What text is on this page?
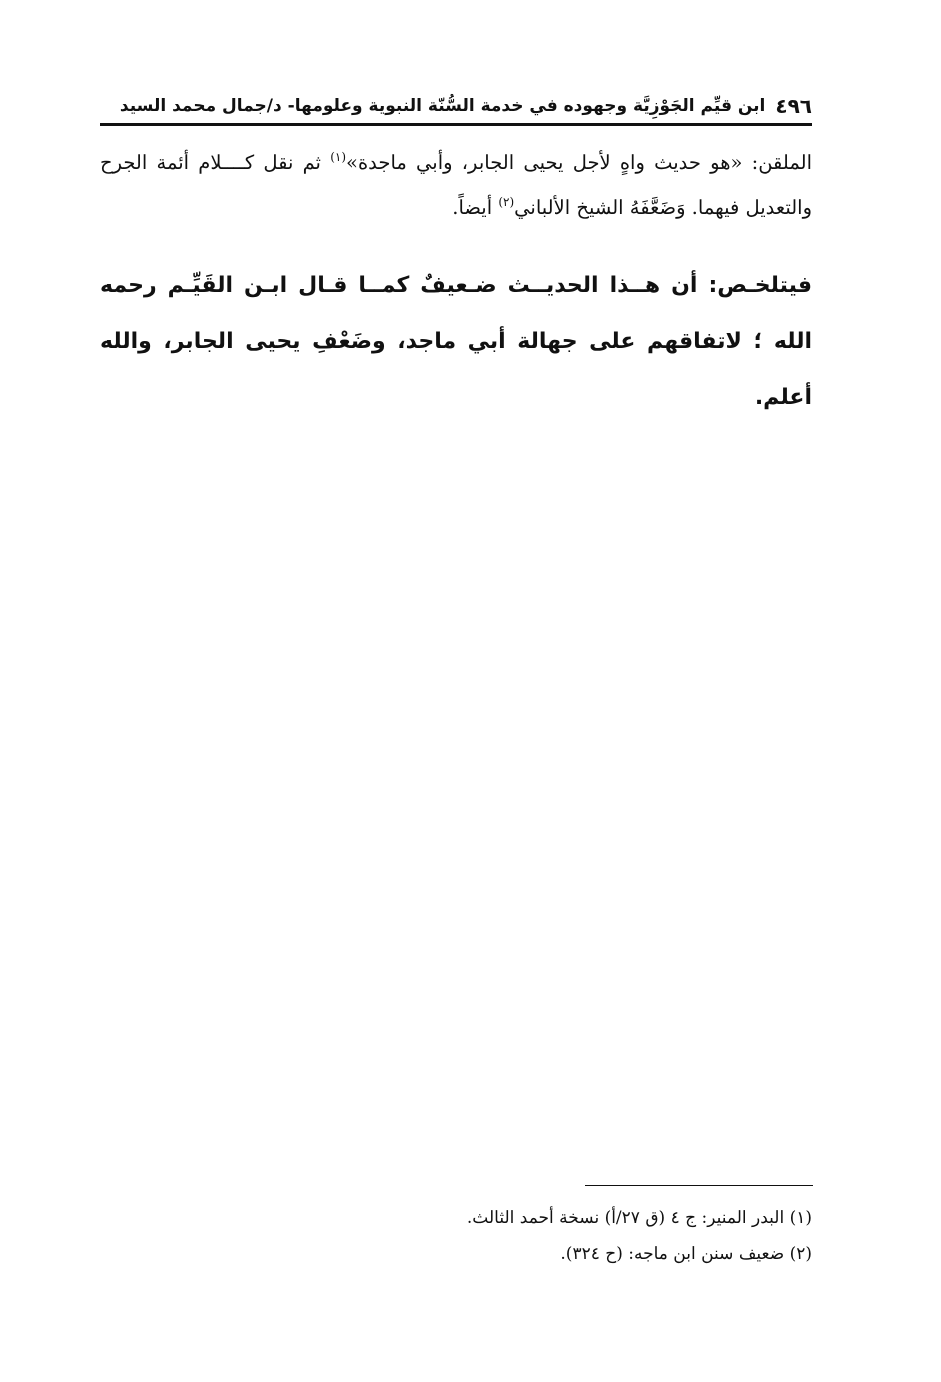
٤٩٦
ابن قيِّم الجَوْزِيَّة وجهوده في خدمة السُّنّة النبوية وعلومها- د/جمال محمد السيد
الملقن: «هو حديث واهٍ لأجل يحيى الجابر، وأبي ماجدة»$^{(١)}$ ثم نقل كــــلام أئمة الجرح والتعديل فيهما. وَضَعَّفَهُ الشيخ الألباني$^{(٢)}$ أيضاً.
فيتلخـص: أن هــذا الحديــث ضـعيفٌ كمــا قـال ابـن القَيِّـم رحمه الله ؛ لاتفاقهم على جهالة أبي ماجد، وضَعْفِ يحيى الجابر، والله أعلم.
(١) البدر المنير: ج ٤ (ق ٢٧/أ) نسخة أحمد الثالث.
(٢) ضعيف سنن ابن ماجه: (ح ٣٢٤).
